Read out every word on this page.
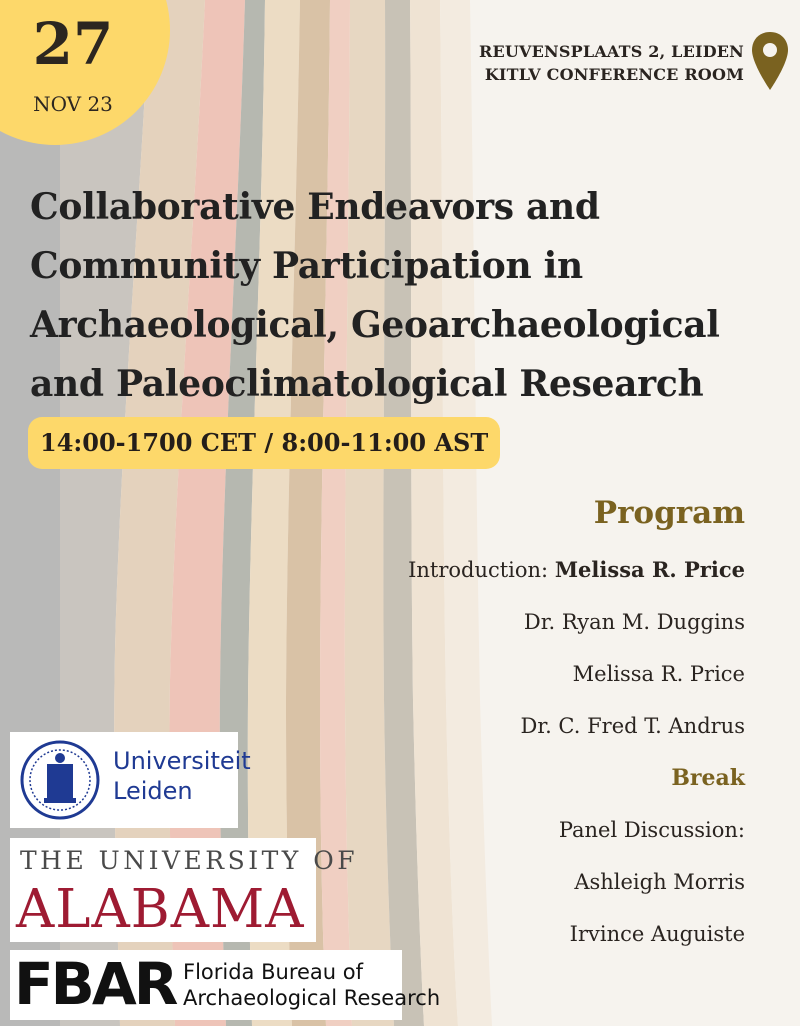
27
NOV 23
REUVENSPLAATS 2, LEIDEN
KITLV CONFERENCE ROOM
Collaborative Endeavors and
Community Participation in
Archaeological, Geoarchaeological
and Paleoclimatological Research
14:00-1700 CET / 8:00-11:00 AST
Program
Introduction: Melissa R. Price
Dr. Ryan M. Duggins
Melissa R. Price
Dr. C. Fred T. Andrus
Break
Panel Discussion:
Ashleigh Morris
Irvince Auguiste
Universiteit
Leiden
THE UNIVERSITY OF
ALABAMA
FBAR Florida Bureau of
Archaeological Research
